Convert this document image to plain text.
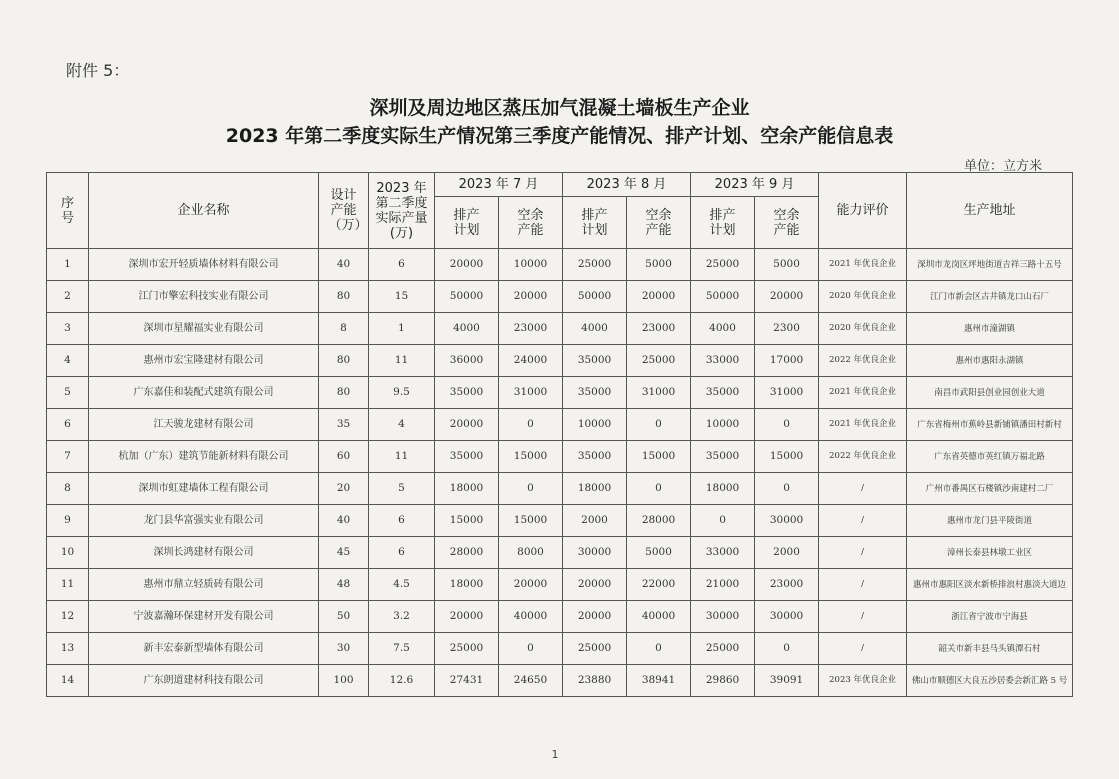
附件 5：
深圳及周边地区蒸压加气混凝土墙板生产企业
2023 年第二季度实际生产情况第三季度产能情况、排产计划、空余产能信息表
单位：立方米
序号	企业名称	设计产能（万）	2023 年第二季度实际产量(万)	2023 年 7 月		2023 年 8 月		2023 年 9 月		能力评价	生产地址
				排产计划	空余产能	排产计划	空余产能	排产计划	空余产能		
1	深圳市宏开轻质墙体材料有限公司	40	6	20000	10000	25000	5000	25000	5000	2021 年优良企业	深圳市龙岗区坪地街道吉祥三路十五号
2	江门市擎宏科技实业有限公司	80	15	50000	20000	50000	20000	50000	20000	2020 年优良企业	江门市新会区古井镇龙口山石厂
3	深圳市星耀福实业有限公司	8	1	4000	23000	4000	23000	4000	2300	2020 年优良企业	惠州市潼湖镇
4	惠州市宏宝隆建材有限公司	80	11	36000	24000	35000	25000	33000	17000	2022 年优良企业	惠州市惠阳永湖镇
5	广东嘉佳和装配式建筑有限公司	80	9.5	35000	31000	35000	31000	35000	31000	2021 年优良企业	南昌市武阳县创业园创业大道
6	江天骏龙建材有限公司	35	4	20000	0	10000	0	10000	0	2021 年优良企业	广东省梅州市蕉岭县新铺镇潘田村新村
7	杭加（广东）建筑节能新材料有限公司	60	11	35000	15000	35000	15000	35000	15000	2022 年优良企业	广东省英德市英红镇万福北路
8	深圳市虹建墙体工程有限公司	20	5	18000	0	18000	0	18000	0	/	广州市番禺区石楼镇沙南建村二厂
9	龙门县华富强实业有限公司	40	6	15000	15000	2000	28000	0	30000	/	惠州市龙门县平陵街道
10	深圳长鸿建材有限公司	45	6	28000	8000	30000	5000	33000	2000	/	漳州长泰县林墩工业区
11	惠州市鼎立轻质砖有限公司	48	4.5	18000	20000	20000	22000	21000	23000	/	惠州市惠阳区淡水新桥排浪村惠淡大道边
12	宁波嘉瀚环保建材开发有限公司	50	3.2	20000	40000	20000	40000	30000	30000	/	浙江省宁波市宁海县
13	新丰宏泰新型墙体有限公司	30	7.5	25000	0	25000	0	25000	0	/	韶关市新丰县马头镇潭石村
14	广东朗道建材科技有限公司	100	12.6	27431	24650	23880	38941	29860	39091	2023 年优良企业	佛山市顺德区大良五沙居委会新汇路 5 号
1
